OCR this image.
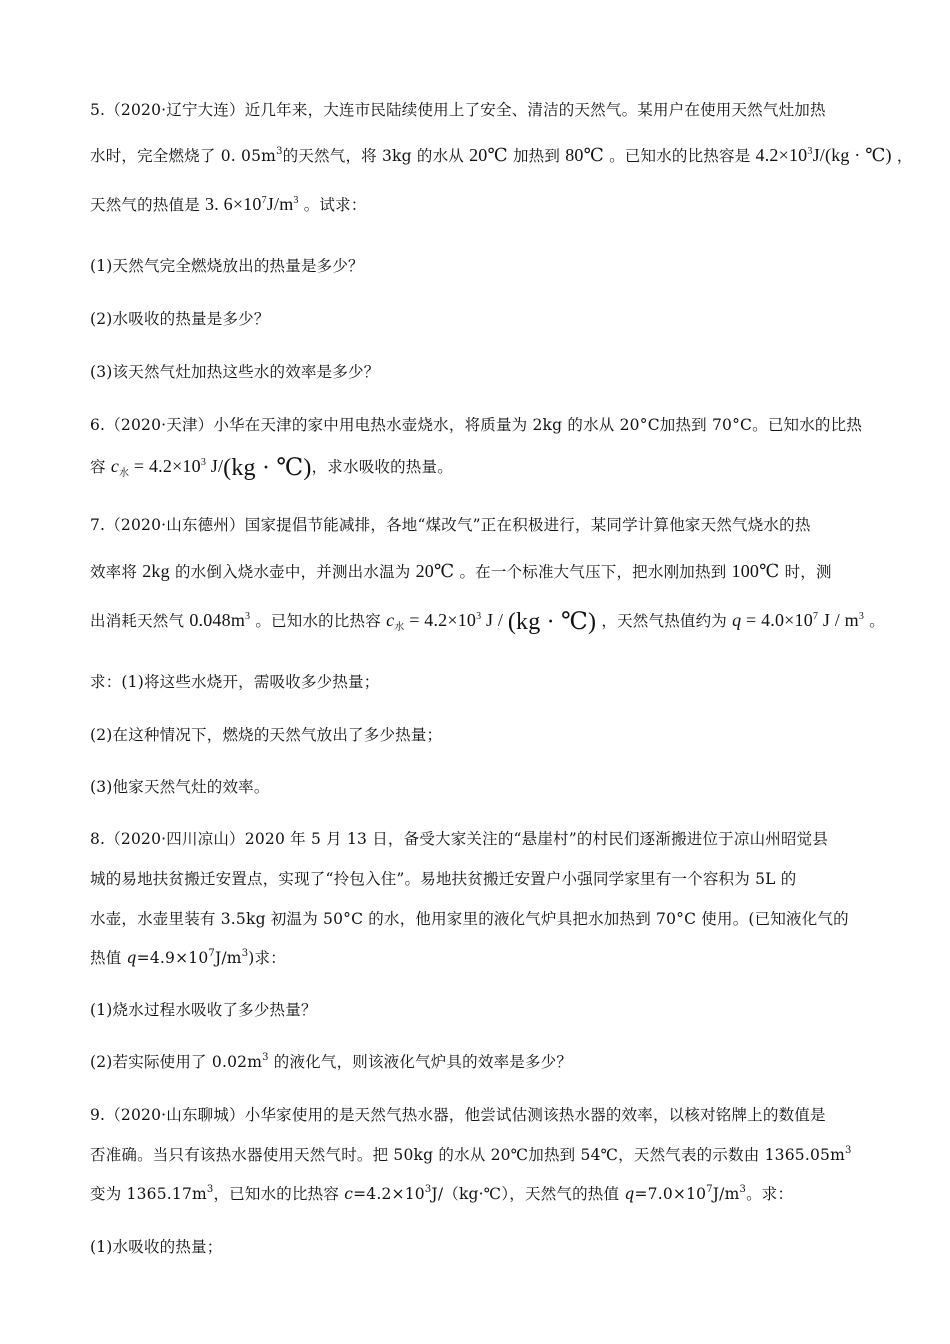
5.（2020·辽宁大连）近几年来，大连市民陆续使用上了安全、清洁的天然气。某用户在使用天然气灶加热
水时，完全燃烧了 0. $05m^3$的天然气，将 3kg 的水从 20℃ 加热到 80℃ 。已知水的比热容是 $4.2\times 10^3J/(kg$ · ℃) ，
天然气的热值是 3. $6\times 10^7J/m^3$ 。试求：
(1)天然气完全燃烧放出的热量是多少？
(2)水吸收的热量是多少？
(3)该天然气灶加热这些水的效率是多少？
6.（2020·天津）小华在天津的家中用电热水壶烧水，将质量为 2kg 的水从 20°C加热到 70°C。已知水的比热
容 $c_水 = 4.2\times 10^3$ J/(kg · ℃)，求水吸收的热量。
7.（2020·山东德州）国家提倡节能减排，各地“煤改气”正在积极进行，某同学计算他家天然气烧水的热
效率将 2kg 的水倒入烧水壶中，并测出水温为 20℃ 。在一个标准大气压下，把水刚加热到 100℃ 时，测
出消耗天然气 $0.048m^3$ 。已知水的比热容 $c_水 = 4.2\times 10^3$ J / (kg · ℃) ，天然气热值约为 $q = 4.0\times 10^7$ J / $m^3$ 。
求：(1)将这些水烧开，需吸收多少热量；
(2)在这种情况下，燃烧的天然气放出了多少热量；
(3)他家天然气灶的效率。
8.（2020·四川凉山）2020 年 5 月 13 日，备受大家关注的“悬崖村”的村民们逐渐搬进位于凉山州昭觉县
城的易地扶贫搬迁安置点，实现了“拎包入住”。易地扶贫搬迁安置户小强同学家里有一个容积为 5L 的
水壶，水壶里装有 3.5kg 初温为 50°C 的水，他用家里的液化气炉具把水加热到 70°C 使用。(已知液化气的
热值 $q=4.9\times 10^7J/m^3$)求：
(1)烧水过程水吸收了多少热量？
(2)若实际使用了 $0.02m^3$ 的液化气，则该液化气炉具的效率是多少？
9.（2020·山东聊城）小华家使用的是天然气热水器，他尝试估测该热水器的效率，以核对铭牌上的数值是
否准确。当只有该热水器使用天然气时。把 50kg 的水从 20℃加热到 54℃，天然气表的示数由 $1365.05m^3$
变为 $1365.17m^3$，已知水的比热容 $c=4.2\times 10^3J/(kg\cdot℃)$，天然气的热值 $q=7.0\times 10^7J/m^3$。求：
(1)水吸收的热量；
